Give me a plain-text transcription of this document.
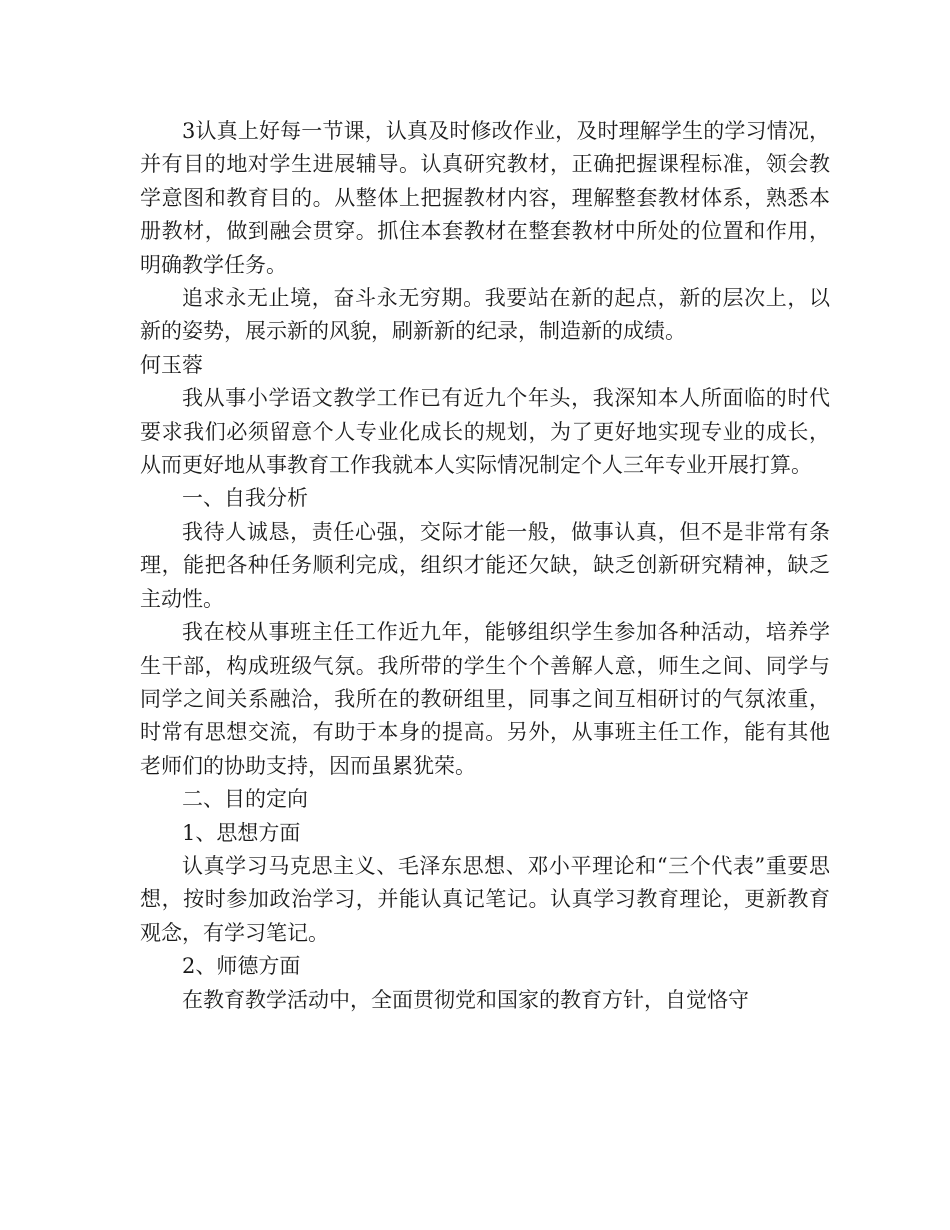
3认真上好每一节课，认真及时修改作业，及时理解学生的学习情况，并有目的地对学生进展辅导。认真研究教材，正确把握课程标准，领会教学意图和教育目的。从整体上把握教材内容，理解整套教材体系，熟悉本册教材，做到融会贯穿。抓住本套教材在整套教材中所处的位置和作用，明确教学任务。

追求永无止境，奋斗永无穷期。我要站在新的起点，新的层次上，以新的姿势，展示新的风貌，刷新新的纪录，制造新的成绩。

何玉蓉

我从事小学语文教学工作已有近九个年头，我深知本人所面临的时代要求我们必须留意个人专业化成长的规划，为了更好地实现专业的成长，从而更好地从事教育工作我就本人实际情况制定个人三年专业开展打算。

一、自我分析

我待人诚恳，责任心强，交际才能一般，做事认真，但不是非常有条理，能把各种任务顺利完成，组织才能还欠缺，缺乏创新研究精神，缺乏主动性。

我在校从事班主任工作近九年，能够组织学生参加各种活动，培养学生干部，构成班级气氛。我所带的学生个个善解人意，师生之间、同学与同学之间关系融洽，我所在的教研组里，同事之间互相研讨的气氛浓重，时常有思想交流，有助于本身的提高。另外，从事班主任工作，能有其他老师们的协助支持，因而虽累犹荣。

二、目的定向

1、思想方面

认真学习马克思主义、毛泽东思想、邓小平理论和“三个代表”重要思想，按时参加政治学习，并能认真记笔记。认真学习教育理论，更新教育观念，有学习笔记。

2、师德方面

在教育教学活动中，全面贯彻党和国家的教育方针，自觉恪守
